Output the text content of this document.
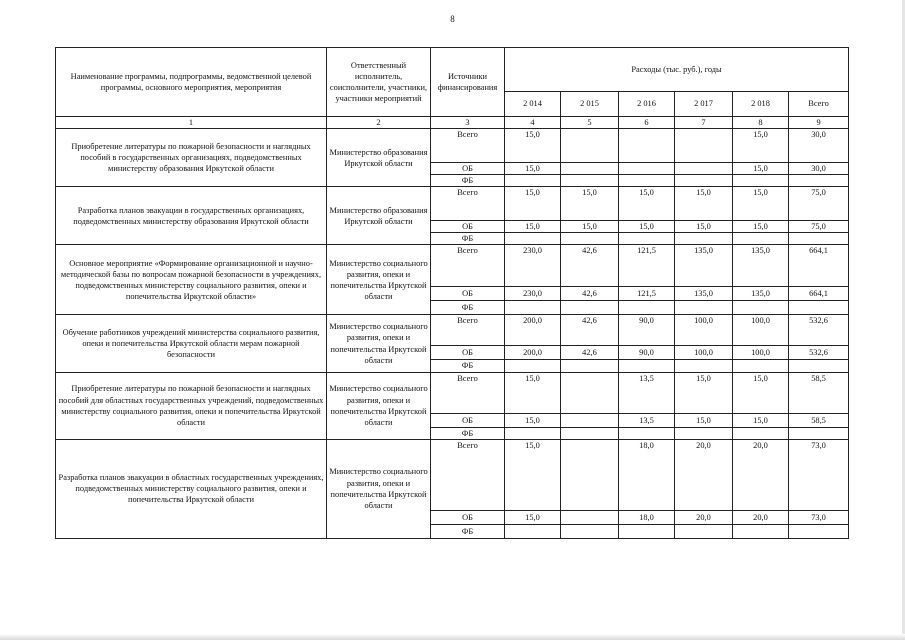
8
Наименование программы, подпрограммы, ведомственной целевой программы, основного мероприятия, мероприятия	Ответственный исполнитель, соисполнители, участники, участники мероприятий	Источники финансирования	Расходы (тыс. руб.), годы					
			2 014	2 015	2 016	2 017	2 018	Всего
1	2	3	4	5	6	7	8	9
Приобретение литературы по пожарной безопасности и наглядных пособий в государственных организациях, подведомственных министерству образования Иркутской области	Министерство образования Иркутской области	Всего	15,0				15,0	30,0
		ОБ	15,0				15,0	30,0
		ФБ						
Разработка планов эвакуации в государственных организациях, подведомственных министерству образования Иркутской области	Министерство образования Иркутской области	Всего	15,0	15,0	15,0	15,0	15,0	75,0
		ОБ	15,0	15,0	15,0	15,0	15,0	75,0
		ФБ						
Основное мероприятие «Формирование организационной и научно-методической базы по вопросам пожарной безопасности в учреждениях, подведомственных министерству социального развития, опеки и попечительства Иркутской области»	Министерство социального развития, опеки и попечительства Иркутской области	Всего	230,0	42,6	121,5	135,0	135,0	664,1
		ОБ	230,0	42,6	121,5	135,0	135,0	664,1
		ФБ						
Обучение работников учреждений министерства социального развития, опеки и попечительства Иркутской области мерам пожарной безопасности	Министерство социального развития, опеки и попечительства Иркутской области	Всего	200,0	42,6	90,0	100,0	100,0	532,6
		ОБ	200,0	42,6	90,0	100,0	100,0	532,6
		ФБ						
Приобретение литературы по пожарной безопасности и наглядных пособий для областных государственных учреждений, подведомственных министерству социального развития, опеки и попечительства Иркутской области	Министерство социального развития, опеки и попечительства Иркутской области	Всего	15,0		13,5	15,0	15,0	58,5
		ОБ	15,0		13,5	15,0	15,0	58,5
		ФБ						
Разработка планов эвакуации в областных государственных учреждениях, подведомственных министерству социального развития, опеки и попечительства Иркутской области	Министерство социального развития, опеки и попечительства Иркутской области	Всего	15,0		18,0	20,0	20,0	73,0
		ОБ	15,0		18,0	20,0	20,0	73,0
		ФБ						
